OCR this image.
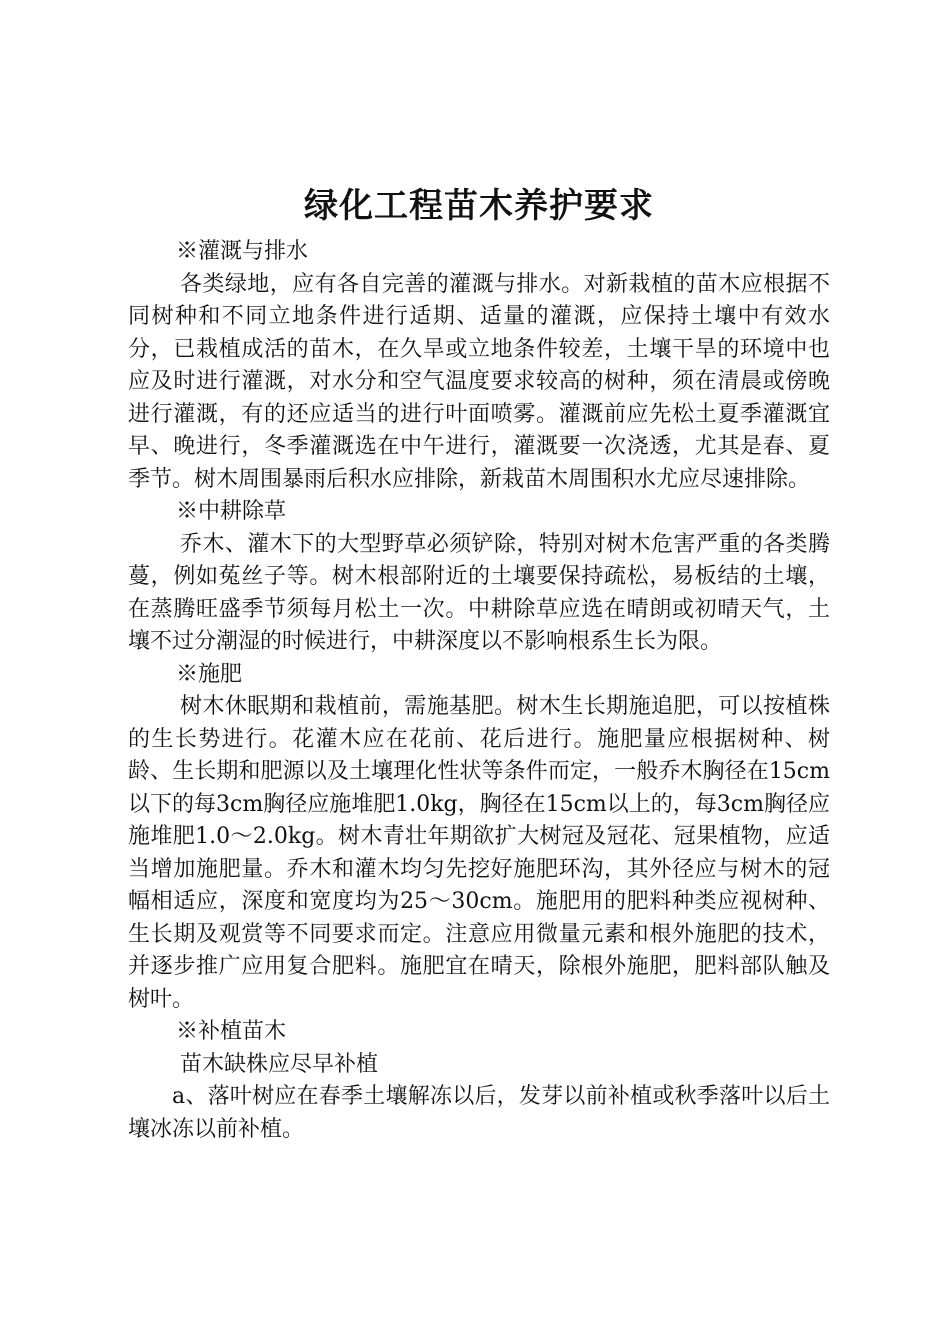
绿化工程苗木养护要求

※灌溉与排水

各类绿地，应有各自完善的灌溉与排水。对新栽植的苗木应根据不同树种和不同立地条件进行适期、适量的灌溉，应保持土壤中有效水分，已栽植成活的苗木，在久旱或立地条件较差，土壤干旱的环境中也应及时进行灌溉，对水分和空气温度要求较高的树种，须在清晨或傍晚进行灌溉，有的还应适当的进行叶面喷雾。灌溉前应先松土夏季灌溉宜早、晚进行，冬季灌溉选在中午进行，灌溉要一次浇透，尤其是春、夏季节。树木周围暴雨后积水应排除，新栽苗木周围积水尤应尽速排除。

※中耕除草

乔木、灌木下的大型野草必须铲除，特别对树木危害严重的各类腾蔓，例如菟丝子等。树木根部附近的土壤要保持疏松，易板结的土壤，在蒸腾旺盛季节须每月松土一次。中耕除草应选在晴朗或初晴天气，土壤不过分潮湿的时候进行，中耕深度以不影响根系生长为限。

※施肥

树木休眠期和栽植前，需施基肥。树木生长期施追肥，可以按植株的生长势进行。花灌木应在花前、花后进行。施肥量应根据树种、树龄、生长期和肥源以及土壤理化性状等条件而定，一般乔木胸径在15cm以下的每3cm胸径应施堆肥1.0kg，胸径在15cm以上的，每3cm胸径应施堆肥1.0～2.0kg。树木青壮年期欲扩大树冠及冠花、冠果植物，应适当增加施肥量。乔木和灌木均匀先挖好施肥环沟，其外径应与树木的冠幅相适应，深度和宽度均为25～30cm。施肥用的肥料种类应视树种、生长期及观赏等不同要求而定。注意应用微量元素和根外施肥的技术，并逐步推广应用复合肥料。施肥宜在晴天，除根外施肥，肥料部队触及树叶。

※补植苗木

苗木缺株应尽早补植

a、落叶树应在春季土壤解冻以后，发芽以前补植或秋季落叶以后土壤冰冻以前补植。
